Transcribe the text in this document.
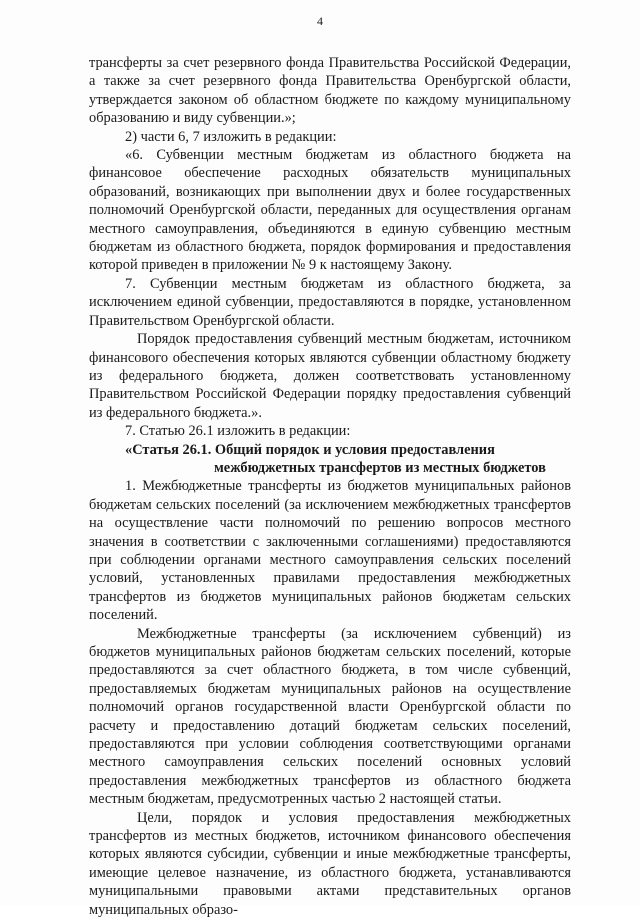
4

трансферты за счет резервного фонда Правительства Российской Федерации, а также за счет резервного фонда Правительства Оренбургской области, утверждается законом об областном бюджете по каждому муниципальному образованию и виду субвенции.»;

2) части 6, 7 изложить в редакции:

«6. Субвенции местным бюджетам из областного бюджета на финансовое обеспечение расходных обязательств муниципальных образований, возникающих при выполнении двух и более государственных полномочий Оренбургской области, переданных для осуществления органам местного самоуправления, объединяются в единую субвенцию местным бюджетам из областного бюджета, порядок формирования и предоставления которой приведен в приложении № 9 к настоящему Закону.

7. Субвенции местным бюджетам из областного бюджета, за исключением единой субвенции, предоставляются в порядке, установленном Правительством Оренбургской области.

Порядок предоставления субвенций местным бюджетам, источником финансового обеспечения которых являются субвенции областному бюджету из федерального бюджета, должен соответствовать установленному Правительством Российской Федерации порядку предоставления субвенций из федерального бюджета.».

7. Статью 26.1 изложить в редакции:

«Статья 26.1. Общий порядок и условия предоставления
межбюджетных трансфертов из местных бюджетов

1. Межбюджетные трансферты из бюджетов муниципальных районов бюджетам сельских поселений (за исключением межбюджетных трансфертов на осуществление части полномочий по решению вопросов местного значения в соответствии с заключенными соглашениями) предоставляются при соблюдении органами местного самоуправления сельских поселений условий, установленных правилами предоставления межбюджетных трансфертов из бюджетов муниципальных районов бюджетам сельских поселений.

Межбюджетные трансферты (за исключением субвенций) из бюджетов муниципальных районов бюджетам сельских поселений, которые предоставляются за счет областного бюджета, в том числе субвенций, предоставляемых бюджетам муниципальных районов на осуществление полномочий органов государственной власти Оренбургской области по расчету и предоставлению дотаций бюджетам сельских поселений, предоставляются при условии соблюдения соответствующими органами местного самоуправления сельских поселений основных условий предоставления межбюджетных трансфертов из областного бюджета местным бюджетам, предусмотренных частью 2 настоящей статьи.

Цели, порядок и условия предоставления межбюджетных трансфертов из местных бюджетов, источником финансового обеспечения которых являются субсидии, субвенции и иные межбюджетные трансферты, имеющие целевое назначение, из областного бюджета, устанавливаются муниципальными правовыми актами представительных органов муниципальных образо-
